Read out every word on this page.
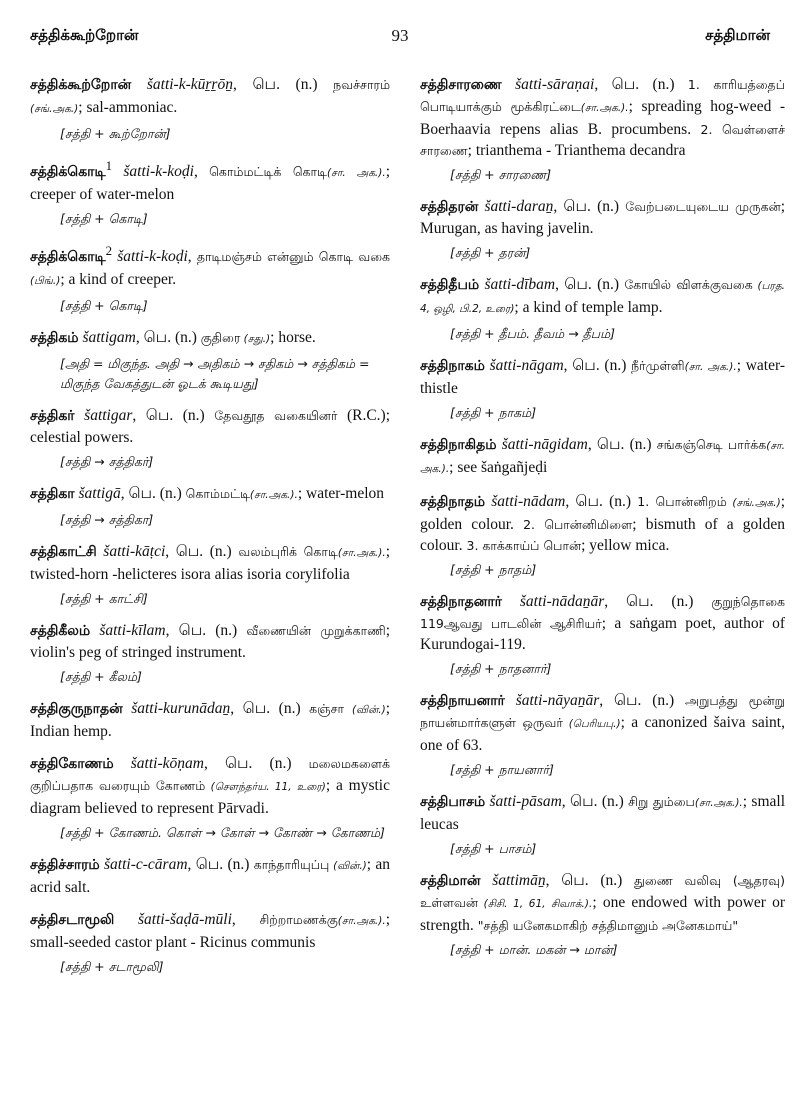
சத்திக்கூற்றோன்	93	சத்திமான்
சத்திக்கூற்றோன் šatti-k-kūṟṟōṉ, பெ. (n.) நவச்சாரம் (சங்.அக.); sal-ammoniac.
[சத்தி + கூற்றோன்]
சத்திக்கொடி$^1$ šatti-k-koḍi, கொம்மட்டிக் கொடி(சா. அக.).; creeper of water-melon
[சத்தி + கொடி]
சத்திக்கொடி$^2$ šatti-k-koḍi, தாடிமஞ்சம் என்னும் கொடி வகை (பிங்.); a kind of creeper.
[சத்தி + கொடி]
சத்திகம் šattigam, பெ. (n.) குதிரை (சது.); horse.
[அதி = மிகுந்த. அதி → அதிகம் → சதிகம் → சத்திகம் = மிகுந்த வேகத்துடன் ஓடக் கூடியது]
சத்திகர் šattigar, பெ. (n.) தேவதூத வகையினர் (R.C.); celestial powers.
[சத்தி → சத்திகர்]
சத்திகா šattigā, பெ. (n.) கொம்மட்டி(சா.அக.).; water-melon
[சத்தி → சத்திகா]
சத்திகாட்சி šatti-kāṭci, பெ. (n.) வலம்புரிக் கொடி(சா.அக.).; twisted-horn -helicteres isora alias isoria corylifolia
[சத்தி + காட்சி]
சத்திகீலம் šatti-kīlam, பெ. (n.) வீணையின் முறுக்காணி; violin's peg of stringed instrument.
[சத்தி + கீலம்]
சத்திகுருநாதன் šatti-kurunādaṉ, பெ. (n.) கஞ்சா (வின்.); Indian hemp.
சத்திகோணம் šatti-kōṇam, பெ. (n.) மலைமகளைக் குறிப்பதாக வரையும் கோணம் (சௌந்தர்ய. 11, உரை); a mystic diagram believed to represent Pārvadi.
[சத்தி + கோணம். கொள் → கோள் → கோண் → கோணம்]
சத்திச்சாரம் šatti-c-cāram, பெ. (n.) காந்தாரியுப்பு (வின்.); an acrid salt.
சத்திசடாமூலி šatti-šaḍā-mūli, சிற்றாமணக்கு(சா.அக.).; small-seeded castor plant - Ricinus communis
[சத்தி + சடாமூலி]
சத்திசாரணை šatti-sāraṇai, பெ. (n.) 1. காரியத்தைப் பொடியாக்கும் மூக்கிரட்டை(சா.அக.).; spreading hog-weed - Boerhaavia repens alias B. procumbens. 2. வெள்ளைச் சாரணை; trianthema - Trianthema decandra
[சத்தி + சாரணை]
சத்திதரன் šatti-daraṉ, பெ. (n.) வேற்படையுடைய முருகன்; Murugan, as having javelin.
[சத்தி + தரன்]
சத்திதீபம் šatti-dībam, பெ. (n.) கோயில் விளக்குவகை (பரத. 4, ஒழி, பி.2, உரை); a kind of temple lamp.
[சத்தி + தீபம். தீவம் → தீபம்]
சத்திநாகம் šatti-nāgam, பெ. (n.) நீர்முள்ளி(சா. அக.).; water-thistle
[சத்தி + நாகம்]
சத்திநாகிதம் šatti-nāgidam, பெ. (n.) சங்கஞ்செடி பார்க்க(சா. அக.).; see šaṅgañjeḍi
சத்திநாதம் šatti-nādam, பெ. (n.) 1. பொன்னிறம் (சங்.அக.); golden colour. 2. பொன்னிமிளை; bismuth of a golden colour. 3. காக்காய்ப் பொன்; yellow mica.
[சத்தி + நாதம்]
சத்திநாதனார் šatti-nādaṉār, பெ. (n.) குறுந்தொகை 119ஆவது பாடலின் ஆசிரியர்; a saṅgam poet, author of Kurundogai-119.
[சத்தி + நாதனார்]
சத்திநாயனார் šatti-nāyaṉār, பெ. (n.) அறுபத்து மூன்று நாயன்மார்களுள் ஒருவர் (பெரியபு.); a canonized šaiva saint, one of 63.
[சத்தி + நாயனார்]
சத்திபாசம் šatti-pāsam, பெ. (n.) சிறு தும்பை(சா.அக.).; small leucas
[சத்தி + பாசம்]
சத்திமான் šattimāṉ, பெ. (n.) துணை வலிவு (ஆதரவு) உள்ளவன் (சிசி. 1, 61, சிவாக்.).; one endowed with power or strength. "சத்தி யனேகமாகிற் சத்திமானும் அனேகமாய்"
[சத்தி + மான். மகன் → மான்]
